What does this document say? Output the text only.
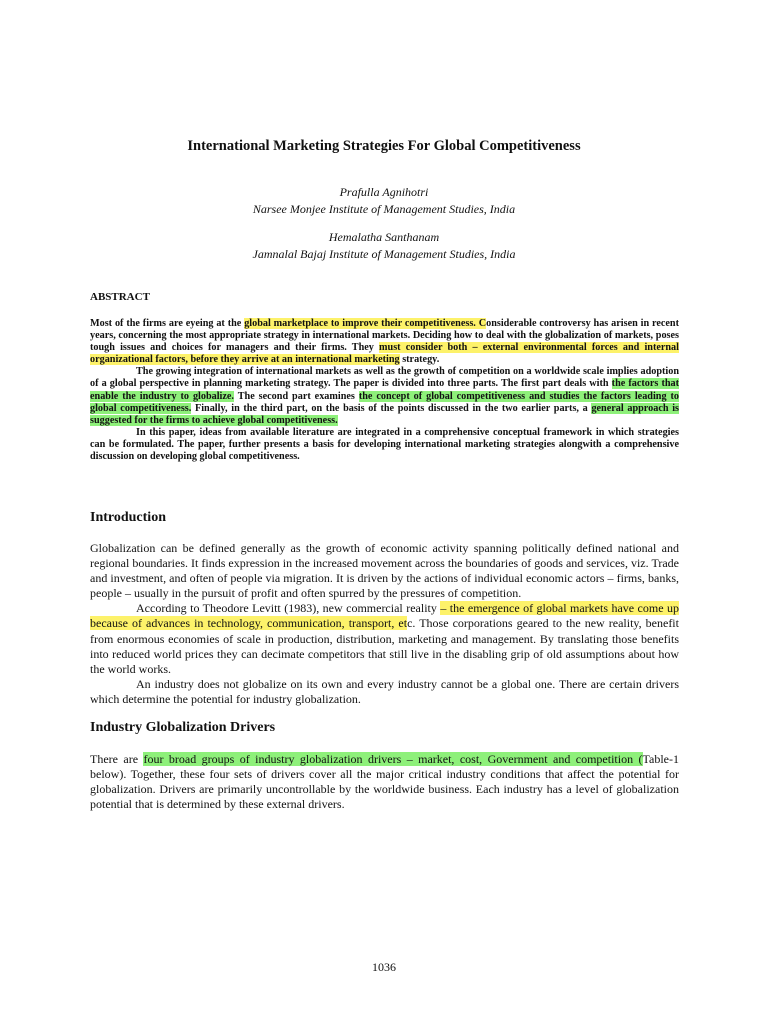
International Marketing Strategies For Global Competitiveness
Prafulla Agnihotri
Narsee Monjee Institute of Management Studies, India
Hemalatha Santhanam
Jamnalal Bajaj Institute of Management Studies, India
ABSTRACT

Most of the firms are eyeing at the global marketplace to improve their competitiveness. Considerable controversy has arisen in recent years, concerning the most appropriate strategy in international markets. Deciding how to deal with the globalization of markets, poses tough issues and choices for managers and their firms. They must consider both – external environmental forces and internal organizational factors, before they arrive at an international marketing strategy.

The growing integration of international markets as well as the growth of competition on a worldwide scale implies adoption of a global perspective in planning marketing strategy. The paper is divided into three parts. The first part deals with the factors that enable the industry to globalize. The second part examines the concept of global competitiveness and studies the factors leading to global competitiveness. Finally, in the third part, on the basis of the points discussed in the two earlier parts, a general approach is suggested for the firms to achieve global competitiveness.

In this paper, ideas from available literature are integrated in a comprehensive conceptual framework in which strategies can be formulated. The paper, further presents a basis for developing international marketing strategies alongwith a comprehensive discussion on developing global competitiveness.

Introduction

Globalization can be defined generally as the growth of economic activity spanning politically defined national and regional boundaries. It finds expression in the increased movement across the boundaries of goods and services, viz. Trade and investment, and often of people via migration. It is driven by the actions of individual economic actors – firms, banks, people – usually in the pursuit of profit and often spurred by the pressures of competition.

According to Theodore Levitt (1983), new commercial reality – the emergence of global markets have come up because of advances in technology, communication, transport, etc. Those corporations geared to the new reality, benefit from enormous economies of scale in production, distribution, marketing and management. By translating those benefits into reduced world prices they can decimate competitors that still live in the disabling grip of old assumptions about how the world works.

An industry does not globalize on its own and every industry cannot be a global one. There are certain drivers which determine the potential for industry globalization.

Industry Globalization Drivers

There are four broad groups of industry globalization drivers – market, cost, Government and competition (Table-1 below). Together, these four sets of drivers cover all the major critical industry conditions that affect the potential for globalization. Drivers are primarily uncontrollable by the worldwide business. Each industry has a level of globalization potential that is determined by these external drivers.

1036
